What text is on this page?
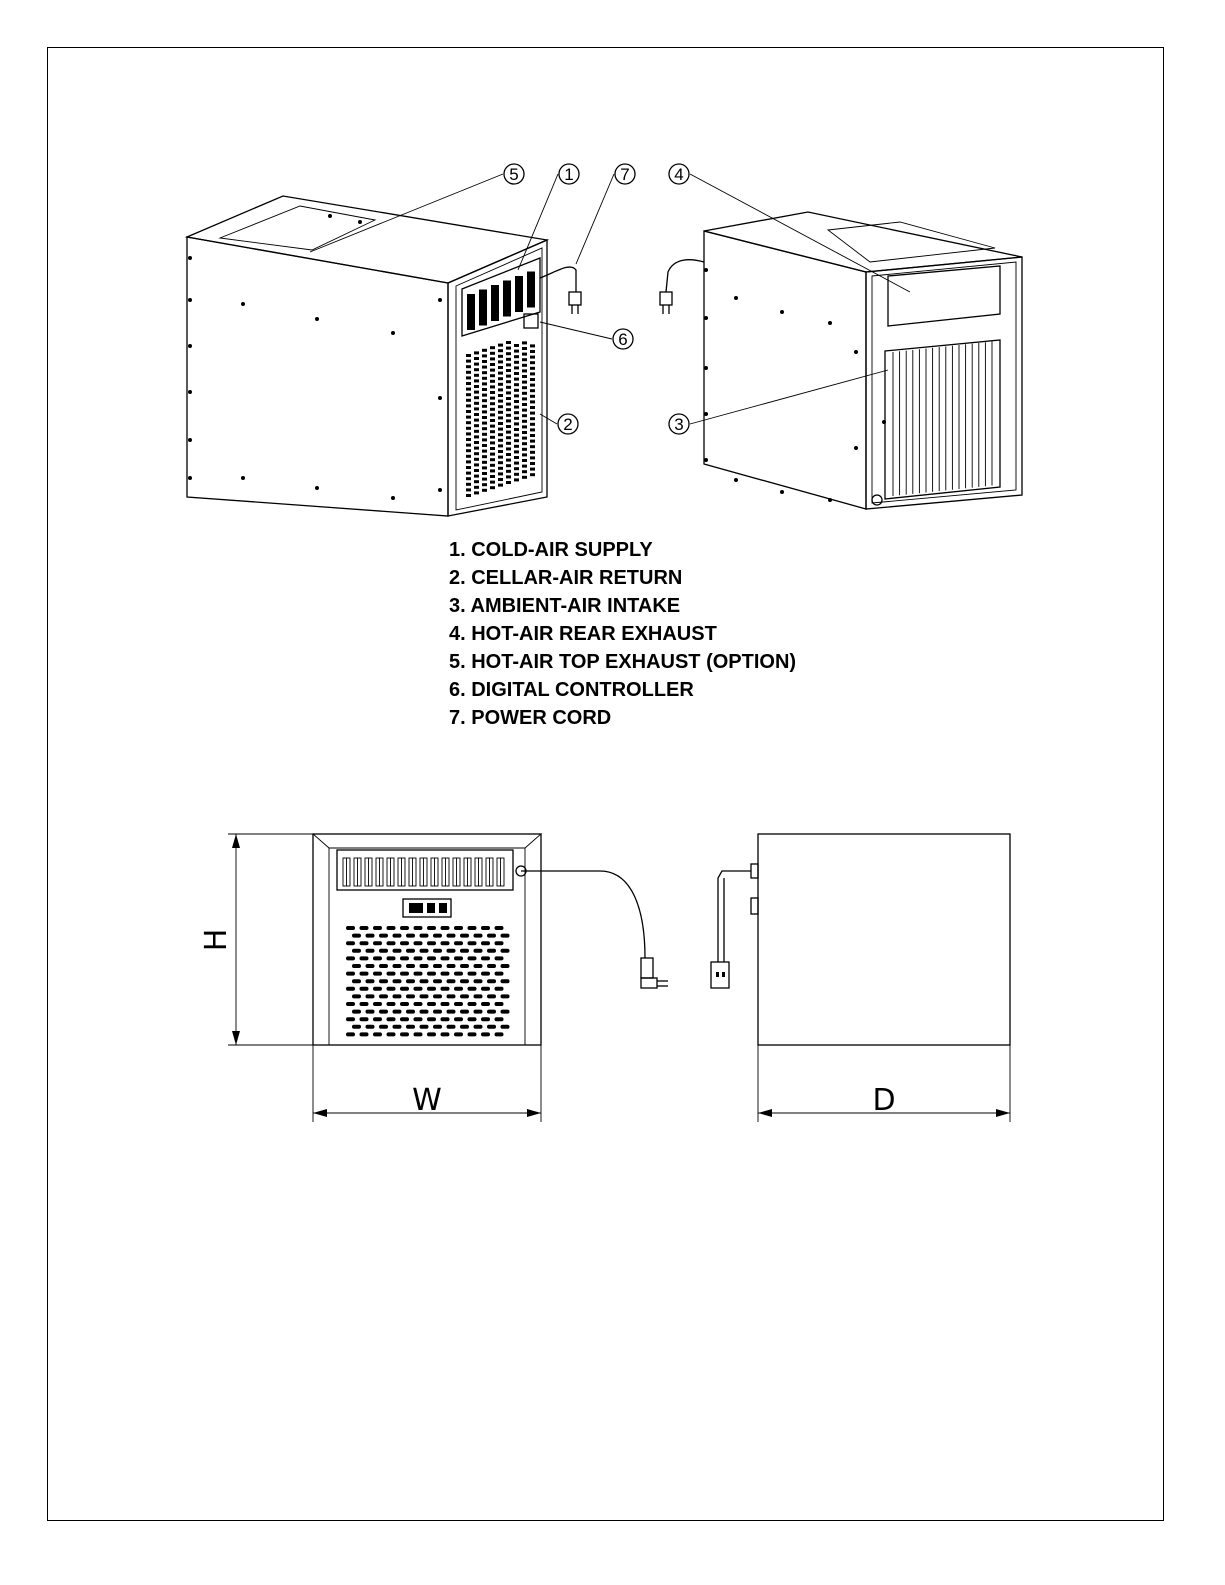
5	1	7	4
6
2	3
H
W	D
1. COLD-AIR SUPPLY
2. CELLAR-AIR RETURN
3. AMBIENT-AIR INTAKE
4. HOT-AIR REAR EXHAUST
5. HOT-AIR TOP EXHAUST (OPTION)
6. DIGITAL CONTROLLER
7. POWER CORD
